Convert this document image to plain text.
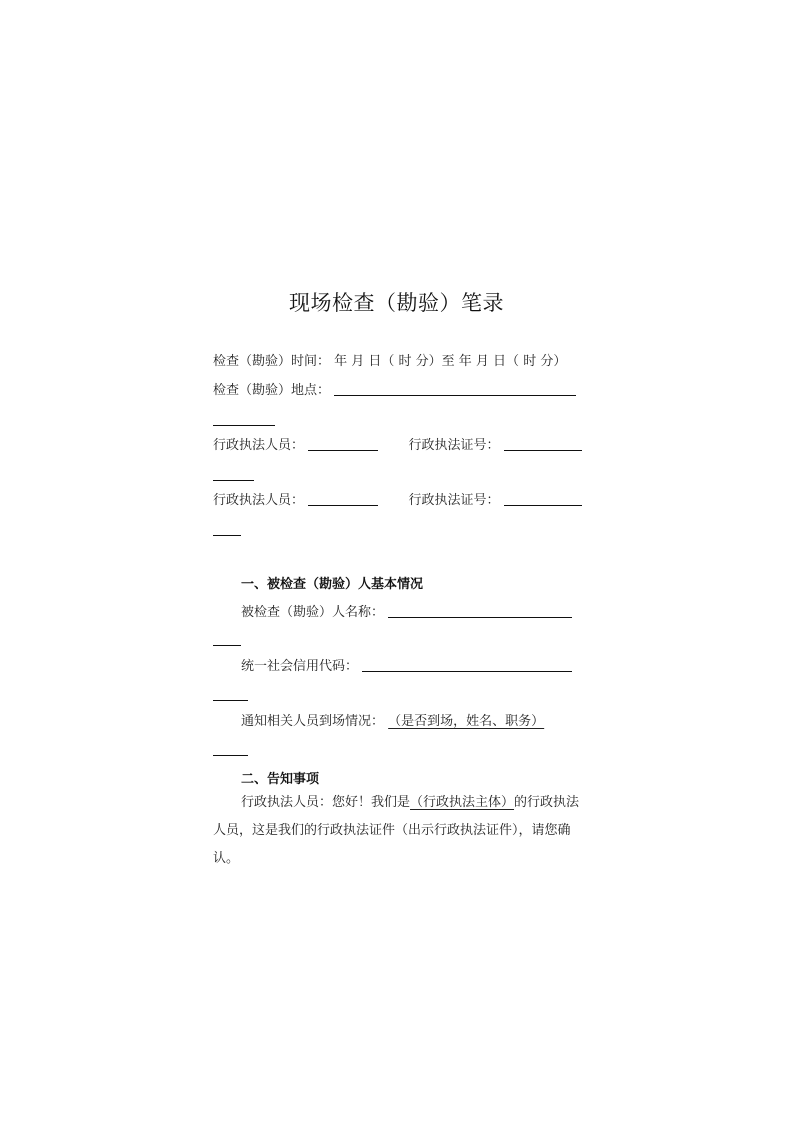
现场检查（勘验）笔录
检查（勘验）时间： 年 月 日（ 时 分）至 年 月 日（ 时 分）
检查（勘验）地点：
行政执法人员：	行政执法证号：
行政执法人员：	行政执法证号：
一、被检查（勘验）人基本情况
被检查（勘验）人名称：
统一社会信用代码：
通知相关人员到场情况： （是否到场，姓名、职务）
二、告知事项
行政执法人员：您好！我们是（行政执法主体）的行政执法人员，这是我们的行政执法证件（出示行政执法证件），请您确认。
